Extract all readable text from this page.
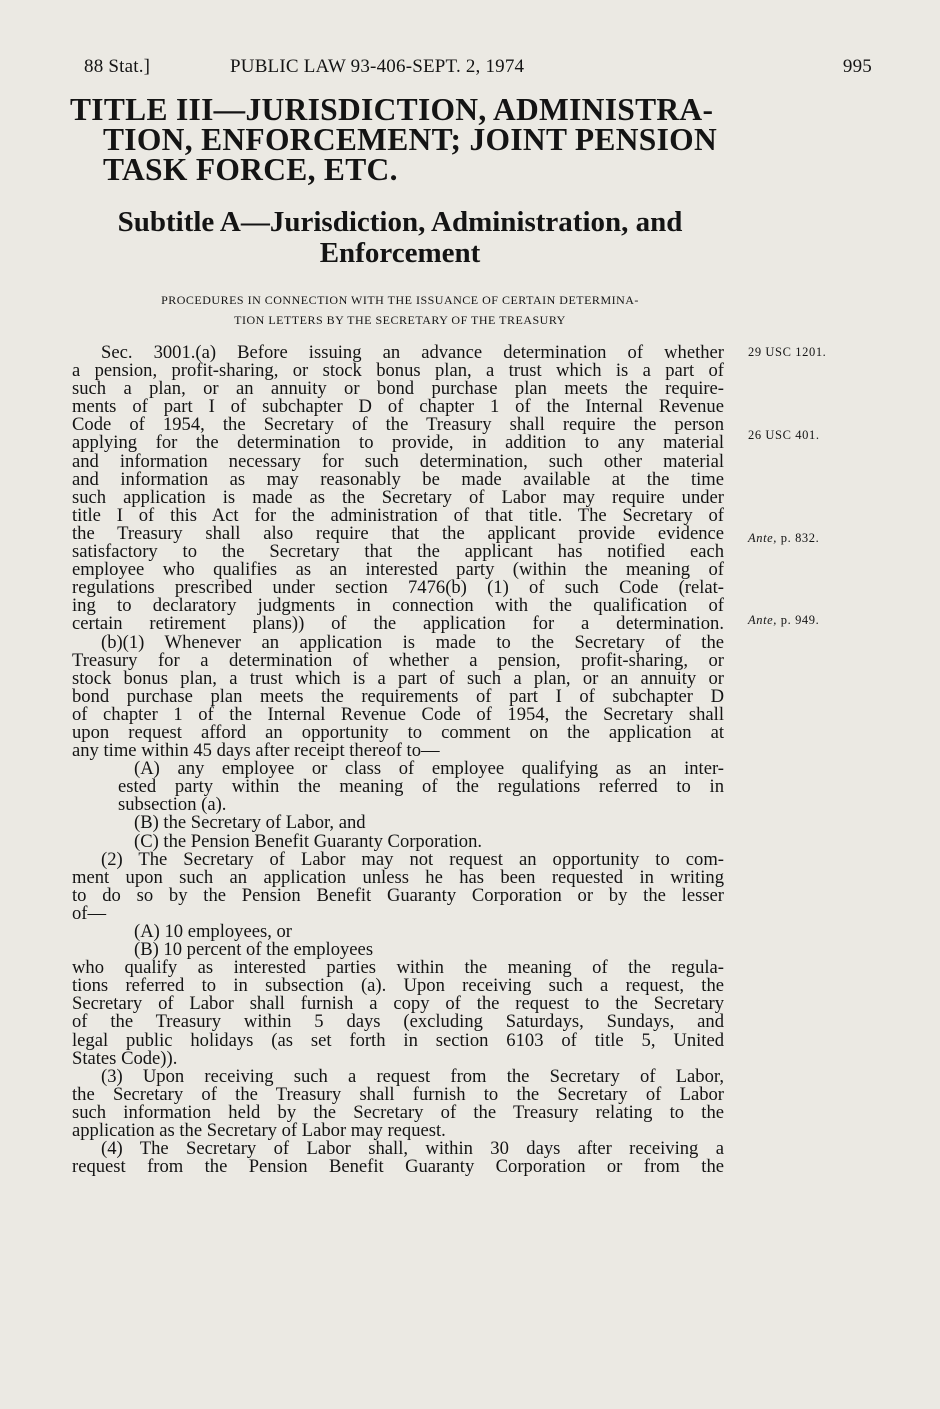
88 Stat.]	PUBLIC LAW 93-406-SEPT. 2, 1974	995
TITLE III—JURISDICTION, ADMINISTRA-
TION, ENFORCEMENT; JOINT PENSION
TASK FORCE, ETC.
Subtitle A—Jurisdiction, Administration, and
Enforcement
PROCEDURES IN CONNECTION WITH THE ISSUANCE OF CERTAIN DETERMINA-
TION LETTERS BY THE SECRETARY OF THE TREASURY
Sec. 3001.(a) Before issuing an advance determination of whether
a pension, profit-sharing, or stock bonus plan, a trust which is a part of
such a plan, or an annuity or bond purchase plan meets the require-
ments of part I of subchapter D of chapter 1 of the Internal Revenue
Code of 1954, the Secretary of the Treasury shall require the person
applying for the determination to provide, in addition to any material
and information necessary for such determination, such other material
and information as may reasonably be made available at the time
such application is made as the Secretary of Labor may require under
title I of this Act for the administration of that title. The Secretary of
the Treasury shall also require that the applicant provide evidence
satisfactory to the Secretary that the applicant has notified each
employee who qualifies as an interested party (within the meaning of
regulations prescribed under section 7476(b) (1) of such Code (relat-
ing to declaratory judgments in connection with the qualification of
certain retirement plans)) of the application for a determination.
(b)(1) Whenever an application is made to the Secretary of the
Treasury for a determination of whether a pension, profit-sharing, or
stock bonus plan, a trust which is a part of such a plan, or an annuity or
bond purchase plan meets the requirements of part I of subchapter D
of chapter 1 of the Internal Revenue Code of 1954, the Secretary shall
upon request afford an opportunity to comment on the application at
any time within 45 days after receipt thereof to—
(A) any employee or class of employee qualifying as an inter-
ested party within the meaning of the regulations referred to in
subsection (a).
(B) the Secretary of Labor, and
(C) the Pension Benefit Guaranty Corporation.
(2) The Secretary of Labor may not request an opportunity to com-
ment upon such an application unless he has been requested in writing
to do so by the Pension Benefit Guaranty Corporation or by the lesser
of—
(A) 10 employees, or
(B) 10 percent of the employees
who qualify as interested parties within the meaning of the regula-
tions referred to in subsection (a). Upon receiving such a request, the
Secretary of Labor shall furnish a copy of the request to the Secretary
of the Treasury within 5 days (excluding Saturdays, Sundays, and
legal public holidays (as set forth in section 6103 of title 5, United
States Code)).
(3) Upon receiving such a request from the Secretary of Labor,
the Secretary of the Treasury shall furnish to the Secretary of Labor
such information held by the Secretary of the Treasury relating to the
application as the Secretary of Labor may request.
(4) The Secretary of Labor shall, within 30 days after receiving a
request from the Pension Benefit Guaranty Corporation or from the
29 USC 1201.
26 USC 401.
Ante, p. 832.
Ante, p. 949.
